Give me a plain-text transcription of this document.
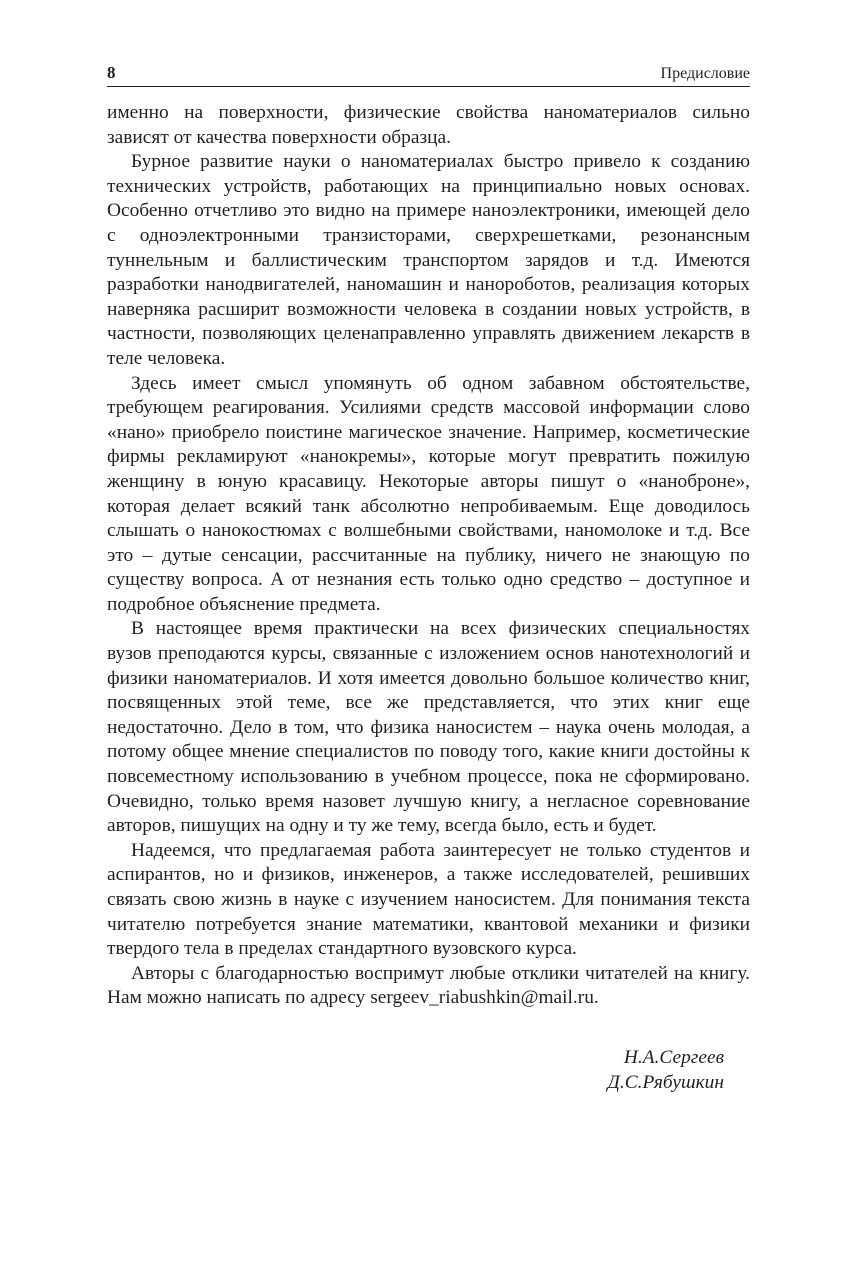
8	Предисловие

именно на поверхности, физические свойства наноматериалов сильно зависят от качества поверхности образца.

Бурное развитие науки о наноматериалах быстро привело к созданию технических устройств, работающих на принципиально новых основах. Особенно отчетливо это видно на примере наноэлектроники, имеющей дело с одноэлектронными транзисторами, сверхрешетками, резонансным туннельным и баллистическим транспортом зарядов и т.д. Имеются разработки нанодвигателей, наномашин и нанороботов, реализация которых наверняка расширит возможности человека в создании новых устройств, в частности, позволяющих целенаправленно управлять движением лекарств в теле человека.

Здесь имеет смысл упомянуть об одном забавном обстоятельстве, требующем реагирования. Усилиями средств массовой информации слово «нано» приобрело поистине магическое значение. Например, косметические фирмы рекламируют «нанокремы», которые могут превратить пожилую женщину в юную красавицу. Некоторые авторы пишут о «наноброне», которая делает всякий танк абсолютно непробиваемым. Еще доводилось слышать о нанокостюмах с волшебными свойствами, наномолоке и т.д. Все это – дутые сенсации, рассчитанные на публику, ничего не знающую по существу вопроса. А от незнания есть только одно средство – доступное и подробное объяснение предмета.

В настоящее время практически на всех физических специальностях вузов преподаются курсы, связанные с изложением основ нанотехнологий и физики наноматериалов. И хотя имеется довольно большое количество книг, посвященных этой теме, все же представляется, что этих книг еще недостаточно. Дело в том, что физика наносистем – наука очень молодая, а потому общее мнение специалистов по поводу того, какие книги достойны к повсеместному использованию в учебном процессе, пока не сформировано. Очевидно, только время назовет лучшую книгу, а негласное соревнование авторов, пишущих на одну и ту же тему, всегда было, есть и будет.

Надеемся, что предлагаемая работа заинтересует не только студентов и аспирантов, но и физиков, инженеров, а также исследователей, решивших связать свою жизнь в науке с изучением наносистем. Для понимания текста читателю потребуется знание математики, квантовой механики и физики твердого тела в пределах стандартного вузовского курса.

Авторы с благодарностью воспримут любые отклики читателей на книгу. Нам можно написать по адресу sergeev_riabushkin@mail.ru.

Н.А.Сергеев
Д.С.Рябушкин
